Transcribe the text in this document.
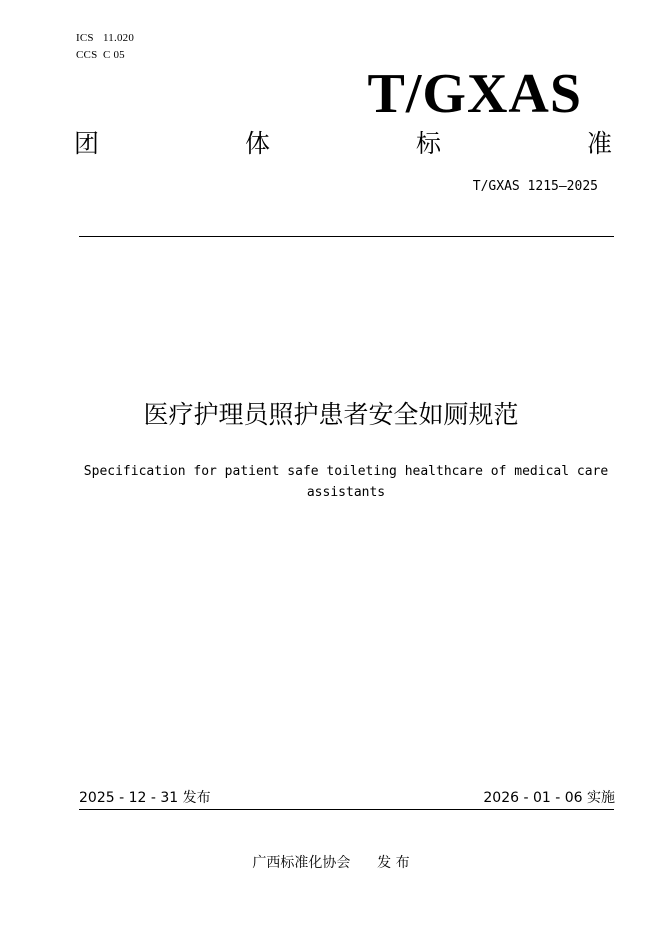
ICS 11.020
CCS C 05
T/GXAS
团	体	标	准
T/GXAS 1215—2025
医疗护理员照护患者安全如厕规范
Specification for patient safe toileting healthcare of medical care assistants
2025 - 12 - 31 发布	2026 - 01 - 06 实施
广西标准化协会 发 布
